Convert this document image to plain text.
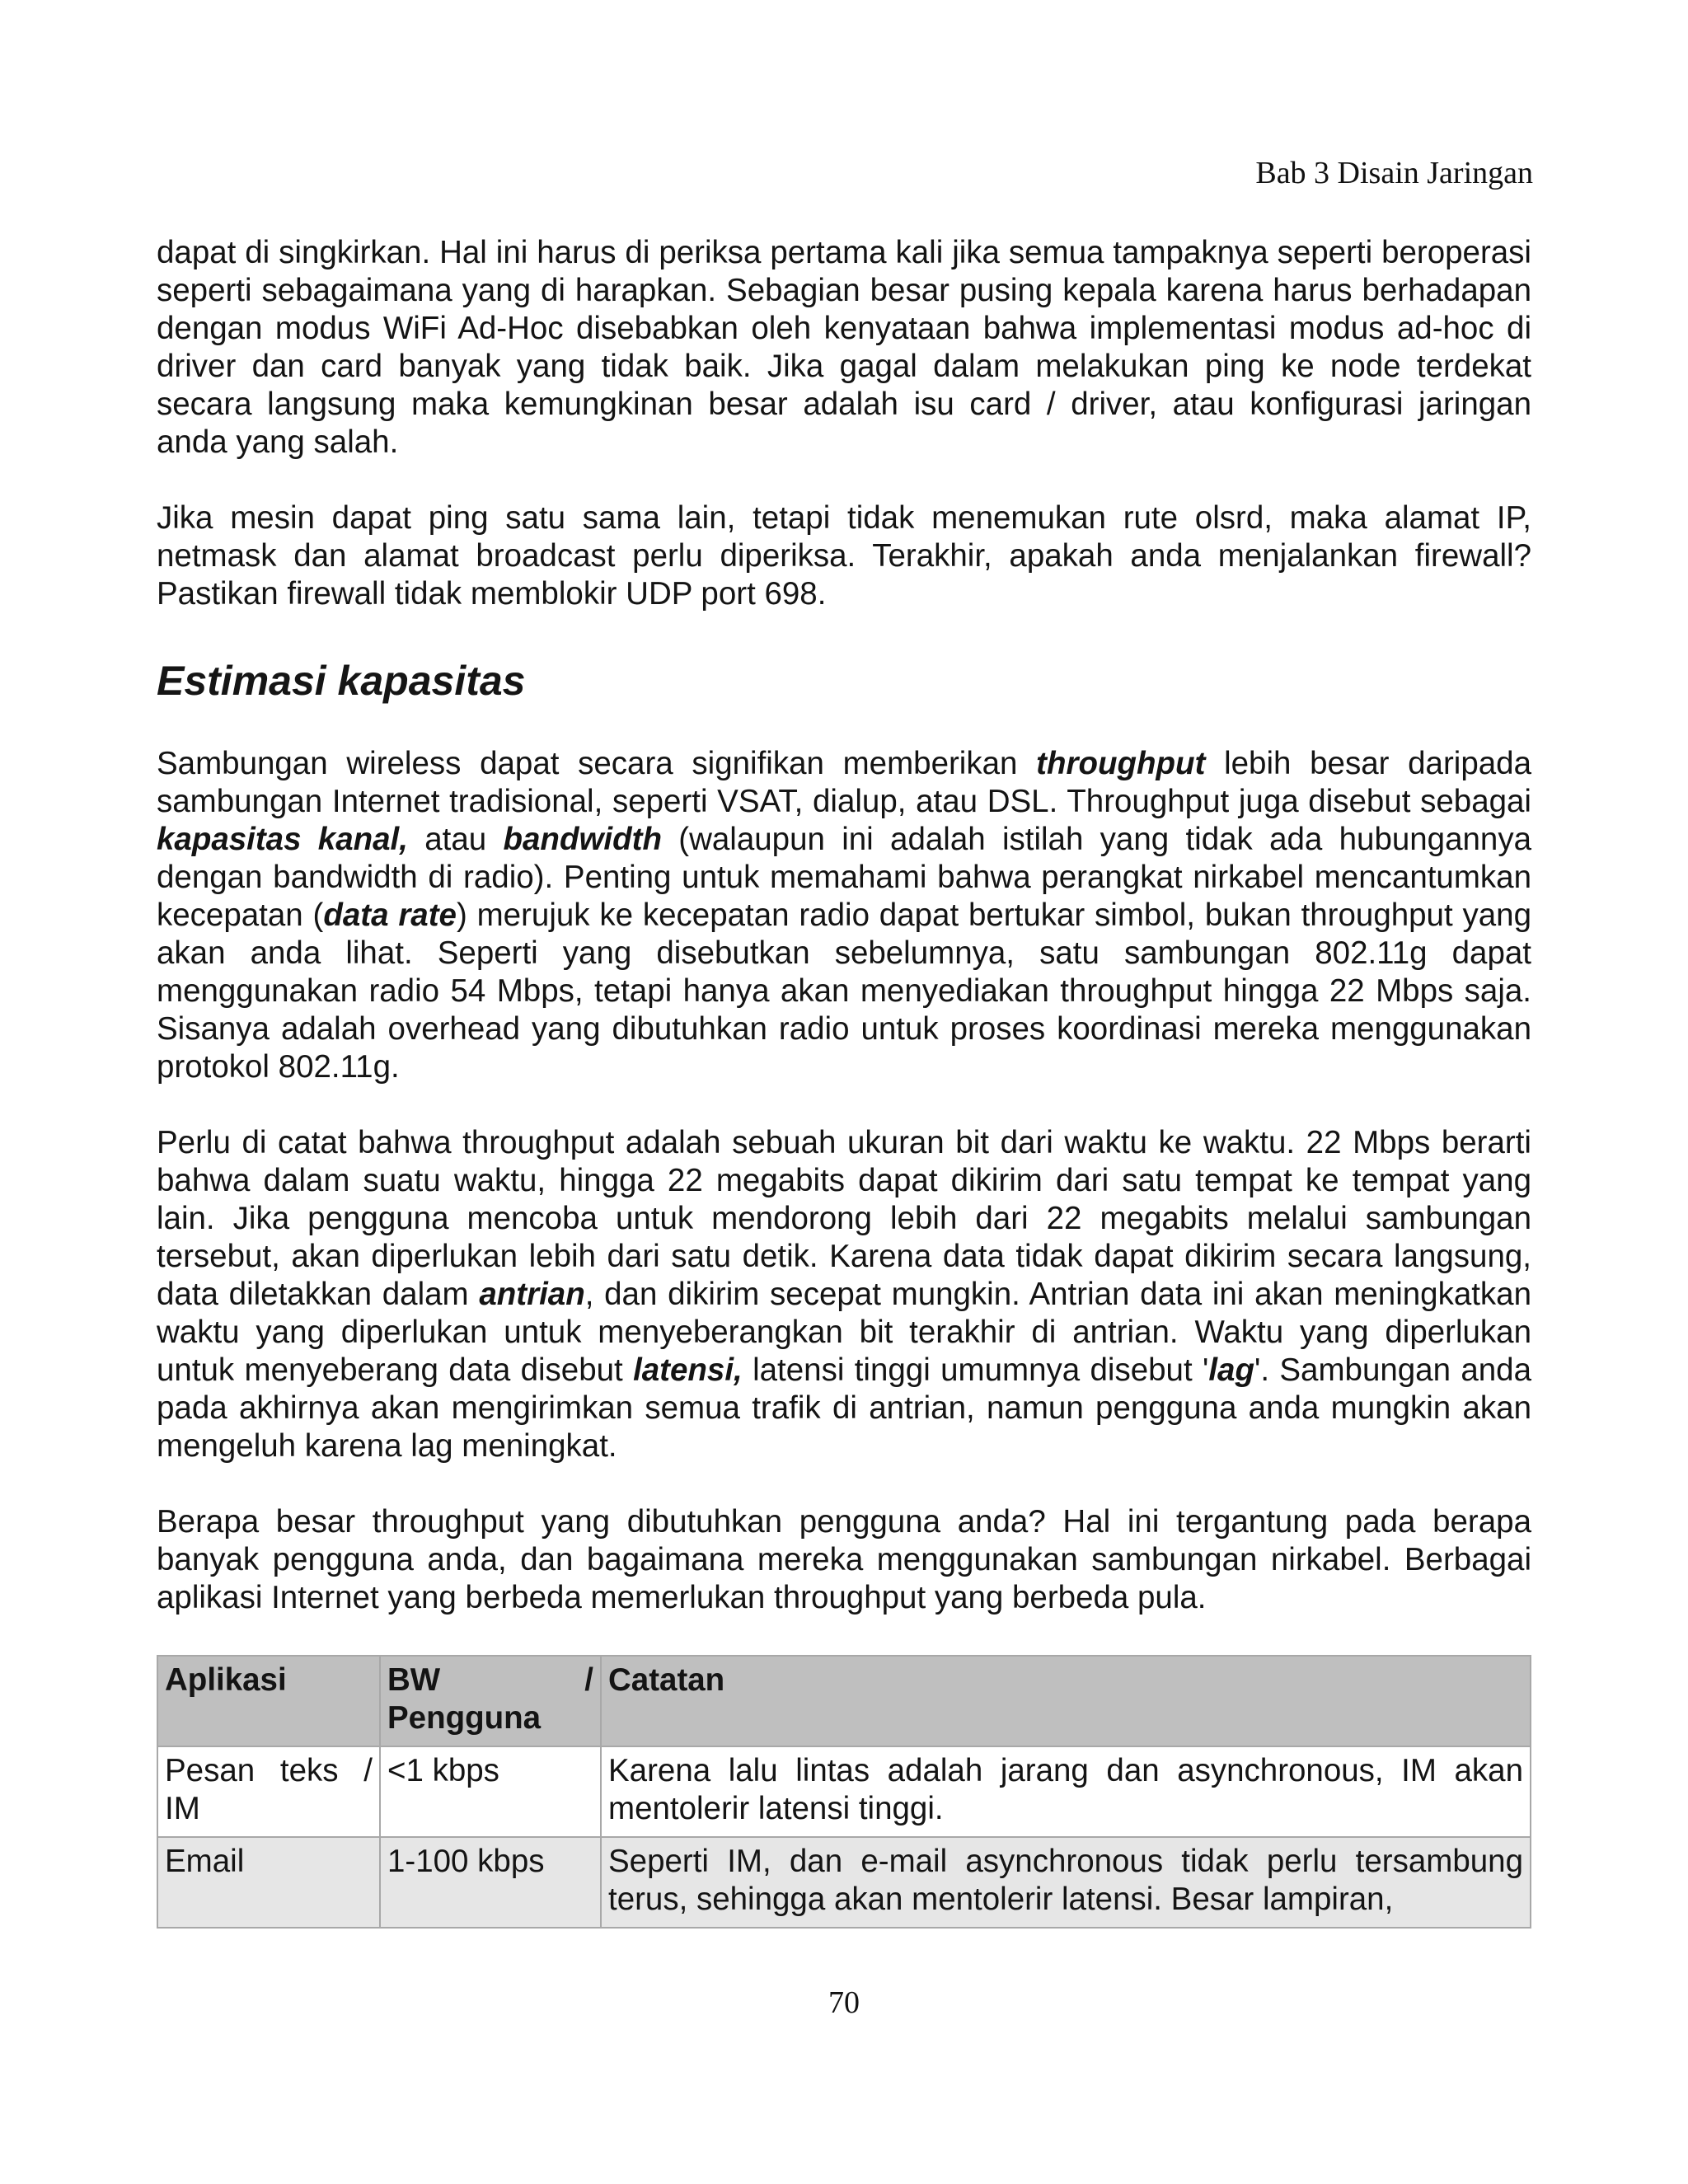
Bab 3 Disain Jaringan

dapat di singkirkan. Hal ini harus di periksa pertama kali jika semua tampaknya seperti beroperasi seperti sebagaimana yang di harapkan. Sebagian besar pusing kepala karena harus berhadapan dengan modus WiFi Ad-Hoc disebabkan oleh kenyataan bahwa implementasi modus ad-hoc di driver dan card banyak yang tidak baik. Jika gagal dalam melakukan ping ke node terdekat secara langsung maka kemungkinan besar adalah isu card / driver, atau konfigurasi jaringan anda yang salah.

Jika mesin dapat ping satu sama lain, tetapi tidak menemukan rute olsrd, maka alamat IP, netmask dan alamat broadcast perlu diperiksa. Terakhir, apakah anda menjalankan firewall? Pastikan firewall tidak memblokir UDP port 698.

Estimasi kapasitas

Sambungan wireless dapat secara signifikan memberikan throughput lebih besar daripada sambungan Internet tradisional, seperti VSAT, dialup, atau DSL. Throughput juga disebut sebagai kapasitas kanal, atau bandwidth (walaupun ini adalah istilah yang tidak ada hubungannya dengan bandwidth di radio). Penting untuk memahami bahwa perangkat nirkabel mencantumkan kecepatan (data rate) merujuk ke kecepatan radio dapat bertukar simbol, bukan throughput yang akan anda lihat. Seperti yang disebutkan sebelumnya, satu sambungan 802.11g dapat menggunakan radio 54 Mbps, tetapi hanya akan menyediakan throughput hingga 22 Mbps saja. Sisanya adalah overhead yang dibutuhkan radio untuk proses koordinasi mereka menggunakan protokol 802.11g.

Perlu di catat bahwa throughput adalah sebuah ukuran bit dari waktu ke waktu. 22 Mbps berarti bahwa dalam suatu waktu, hingga 22 megabits dapat dikirim dari satu tempat ke tempat yang lain. Jika pengguna mencoba untuk mendorong lebih dari 22 megabits melalui sambungan tersebut, akan diperlukan lebih dari satu detik. Karena data tidak dapat dikirim secara langsung, data diletakkan dalam antrian, dan dikirim secepat mungkin. Antrian data ini akan meningkatkan waktu yang diperlukan untuk menyeberangkan bit terakhir di antrian. Waktu yang diperlukan untuk menyeberang data disebut latensi, latensi tinggi umumnya disebut 'lag'. Sambungan anda pada akhirnya akan mengirimkan semua trafik di antrian, namun pengguna anda mungkin akan mengeluh karena lag meningkat.

Berapa besar throughput yang dibutuhkan pengguna anda? Hal ini tergantung pada berapa banyak pengguna anda, dan bagaimana mereka menggunakan sambungan nirkabel. Berbagai aplikasi Internet yang berbeda memerlukan throughput yang berbeda pula.

Aplikasi	BW / Pengguna	Catatan
Pesan teks / IM	<1 kbps	Karena lalu lintas adalah jarang dan asynchronous, IM akan mentolerir latensi tinggi.
Email	1-100 kbps	Seperti IM, dan e-mail asynchronous tidak perlu tersambung terus, sehingga akan mentolerir latensi. Besar lampiran,
70
